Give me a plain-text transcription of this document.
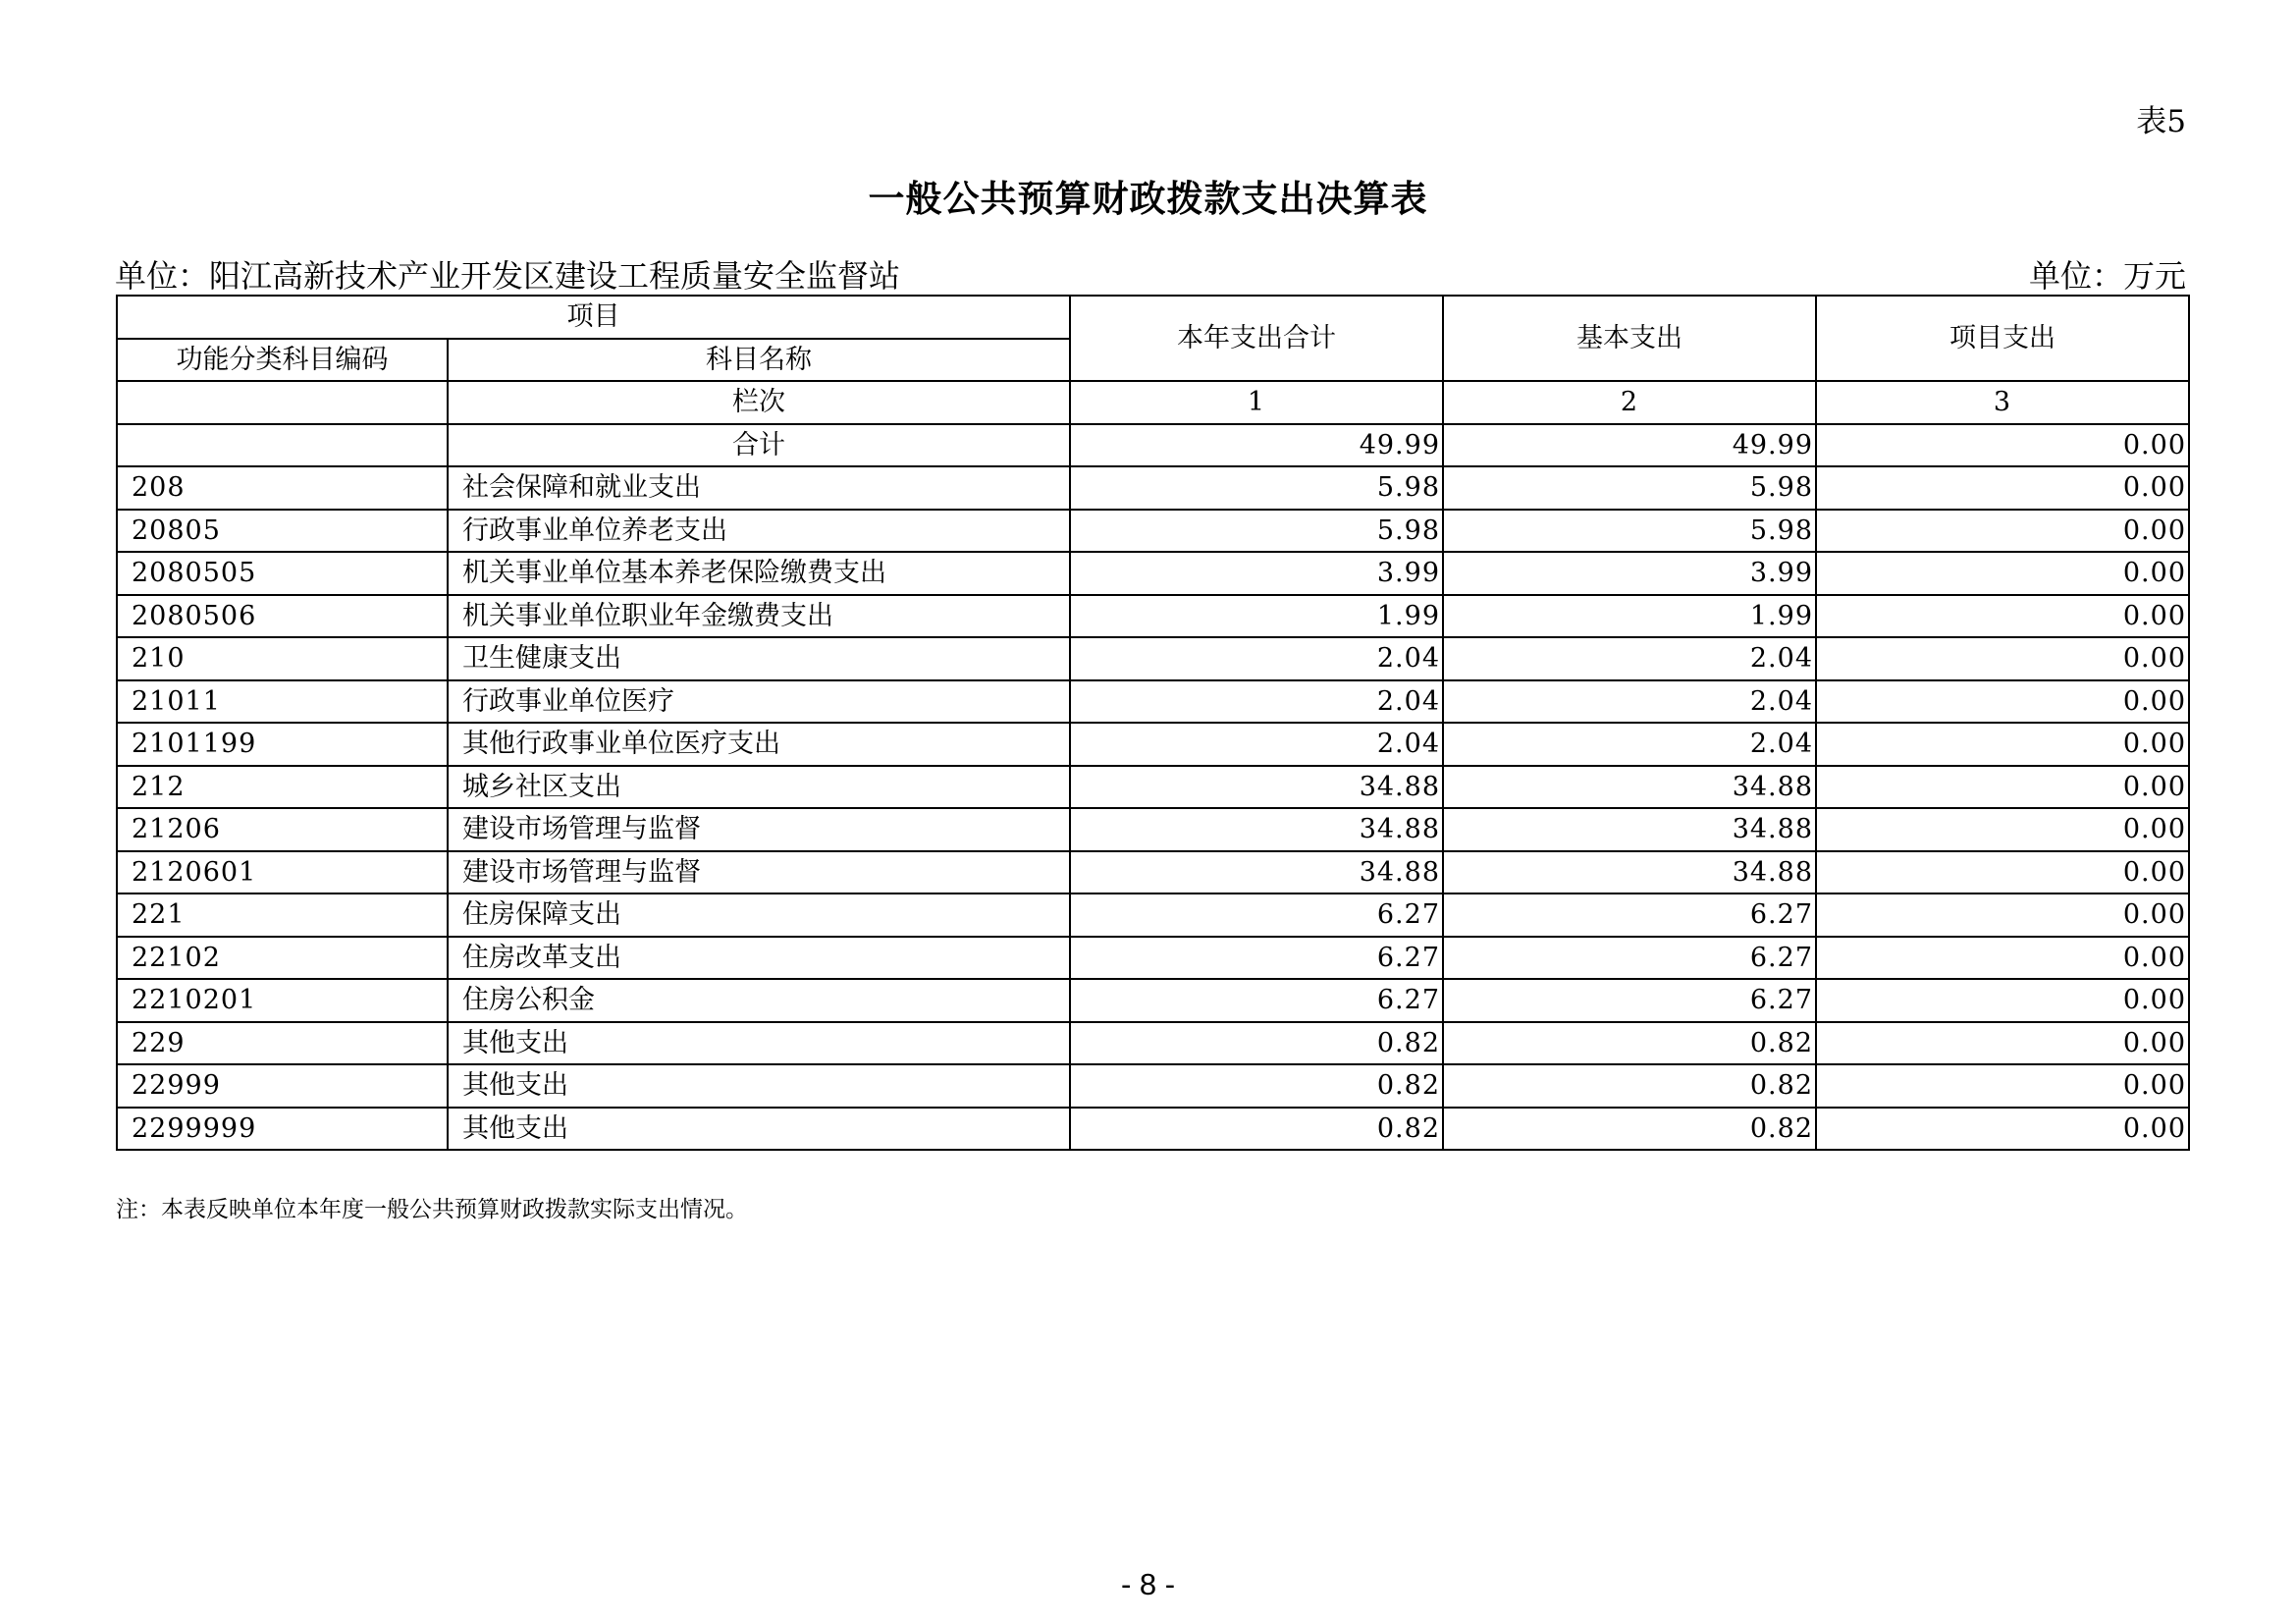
表5
一般公共预算财政拨款支出决算表
单位：阳江高新技术产业开发区建设工程质量安全监督站	单位：万元
项目		本年支出合计	基本支出	项目支出
功能分类科目编码	科目名称			
	栏次	1	2	3
	合计	49.99	49.99	0.00
208	社会保障和就业支出	5.98	5.98	0.00
20805	行政事业单位养老支出	5.98	5.98	0.00
2080505	机关事业单位基本养老保险缴费支出	3.99	3.99	0.00
2080506	机关事业单位职业年金缴费支出	1.99	1.99	0.00
210	卫生健康支出	2.04	2.04	0.00
21011	行政事业单位医疗	2.04	2.04	0.00
2101199	其他行政事业单位医疗支出	2.04	2.04	0.00
212	城乡社区支出	34.88	34.88	0.00
21206	建设市场管理与监督	34.88	34.88	0.00
2120601	建设市场管理与监督	34.88	34.88	0.00
221	住房保障支出	6.27	6.27	0.00
22102	住房改革支出	6.27	6.27	0.00
2210201	住房公积金	6.27	6.27	0.00
229	其他支出	0.82	0.82	0.00
22999	其他支出	0.82	0.82	0.00
2299999	其他支出	0.82	0.82	0.00
注：本表反映单位本年度一般公共预算财政拨款实际支出情况。
- 8 -
